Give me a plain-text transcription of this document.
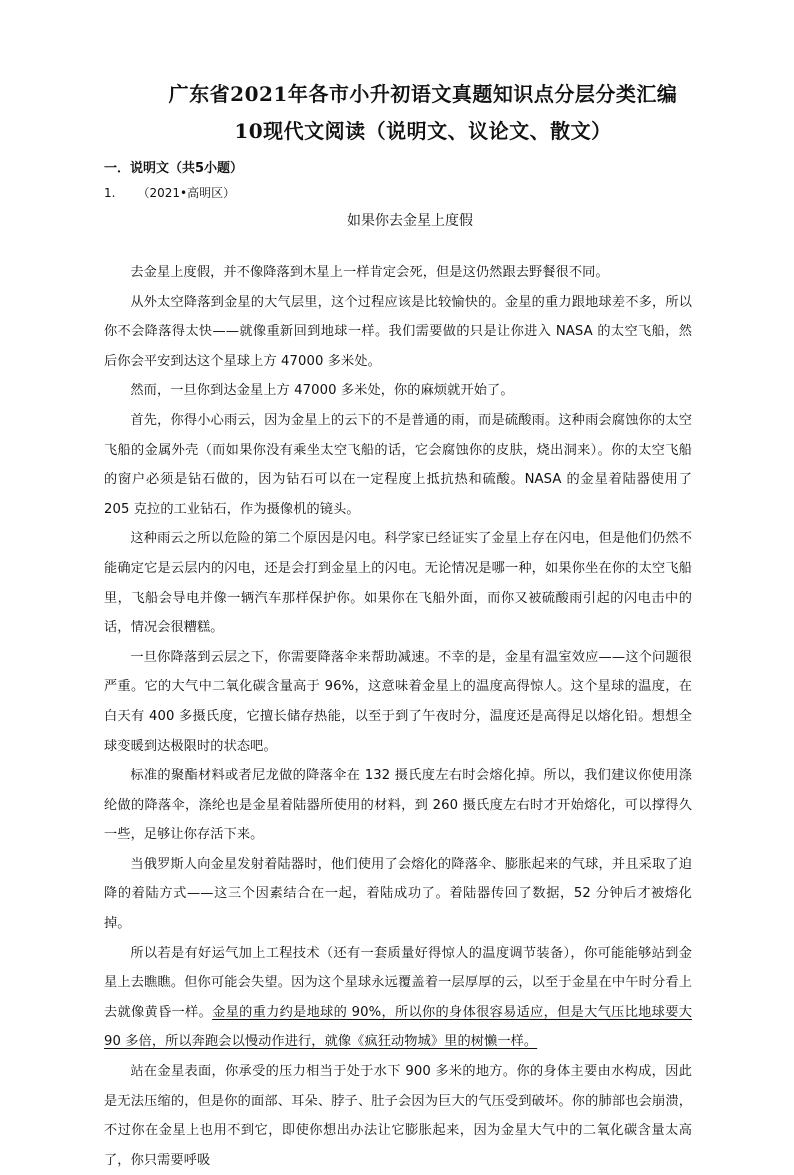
广东省2021年各市小升初语文真题知识点分层分类汇编
10现代文阅读（说明文、议论文、散文）
一．说明文（共5小题）
1. （2021•高明区）
如果你去金星上度假

去金星上度假，并不像降落到木星上一样肯定会死，但是这仍然跟去野餐很不同。

从外太空降落到金星的大气层里，这个过程应该是比较愉快的。金星的重力跟地球差不多，所以你不会降落得太快——就像重新回到地球一样。我们需要做的只是让你进入 NASA 的太空飞船，然后你会平安到达这个星球上方 47000 多米处。

然而，一旦你到达金星上方 47000 多米处，你的麻烦就开始了。

首先，你得小心雨云，因为金星上的云下的不是普通的雨，而是硫酸雨。这种雨会腐蚀你的太空飞船的金属外壳（而如果你没有乘坐太空飞船的话，它会腐蚀你的皮肤，烧出洞来）。你的太空飞船的窗户必须是钻石做的，因为钻石可以在一定程度上抵抗热和硫酸。NASA 的金星着陆器使用了 205 克拉的工业钻石，作为摄像机的镜头。

这种雨云之所以危险的第二个原因是闪电。科学家已经证实了金星上存在闪电，但是他们仍然不能确定它是云层内的闪电，还是会打到金星上的闪电。无论情况是哪一种，如果你坐在你的太空飞船里，飞船会导电并像一辆汽车那样保护你。如果你在飞船外面，而你又被硫酸雨引起的闪电击中的话，情况会很糟糕。

一旦你降落到云层之下，你需要降落伞来帮助减速。不幸的是，金星有温室效应——这个问题很严重。它的大气中二氧化碳含量高于 96%，这意味着金星上的温度高得惊人。这个星球的温度，在白天有 400 多摄氏度，它擅长储存热能，以至于到了午夜时分，温度还是高得足以熔化铅。想想全球变暖到达极限时的状态吧。

标准的聚酯材料或者尼龙做的降落伞在 132 摄氏度左右时会熔化掉。所以，我们建议你使用涤纶做的降落伞，涤纶也是金星着陆器所使用的材料，到 260 摄氏度左右时才开始熔化，可以撑得久一些，足够让你存活下来。

当俄罗斯人向金星发射着陆器时，他们使用了会熔化的降落伞、膨胀起来的气球，并且采取了迫降的着陆方式——这三个因素结合在一起，着陆成功了。着陆器传回了数据，52 分钟后才被熔化掉。

所以若是有好运气加上工程技术（还有一套质量好得惊人的温度调节装备），你可能能够站到金星上去瞧瞧。但你可能会失望。因为这个星球永远覆盖着一层厚厚的云，以至于金星在中午时分看上去就像黄昏一样。金星的重力约是地球的 90%，所以你的身体很容易适应，但是大气压比地球要大 90 多倍，所以奔跑会以慢动作进行，就像《疯狂动物城》里的树懒一样。

站在金星表面，你承受的压力相当于处于水下 900 多米的地方。你的身体主要由水构成，因此是无法压缩的，但是你的面部、耳朵、脖子、肚子会因为巨大的气压受到破坏。你的肺部也会崩溃，不过你在金星上也用不到它，即使你想出办法让它膨胀起来，因为金星大气中的二氧化碳含量太高了，你只需要呼吸
